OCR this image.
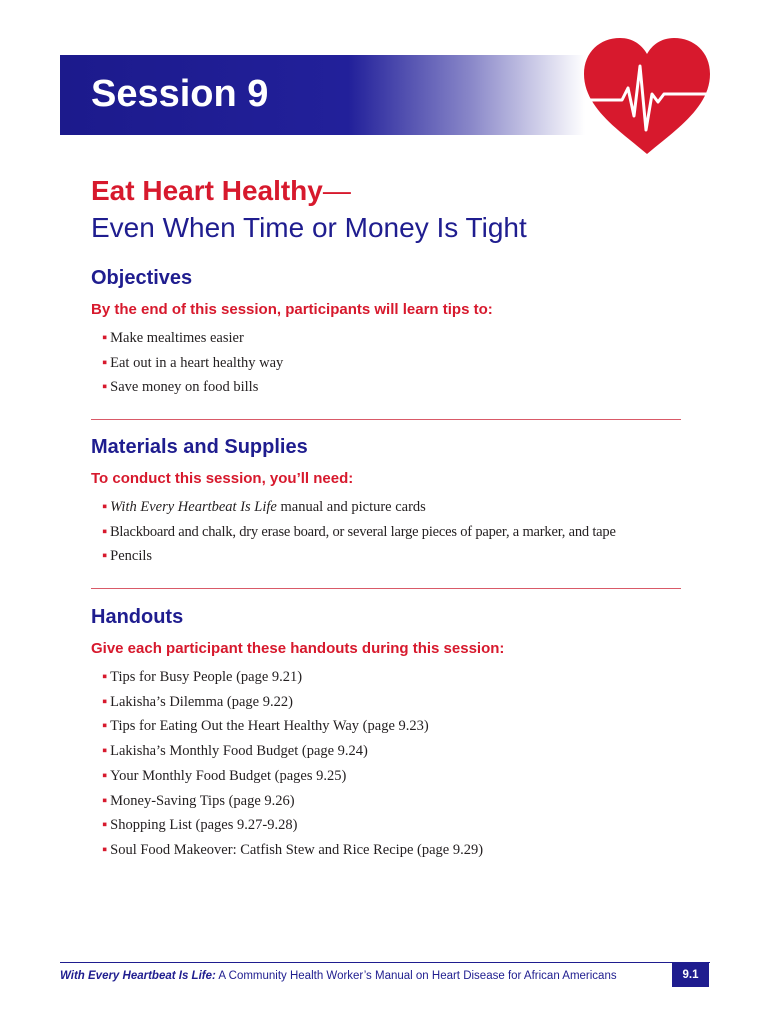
Session 9
Eat Heart Healthy—
Even When Time or Money Is Tight
Objectives

By the end of this session, participants will learn tips to:

▪ Make mealtimes easier
▪ Eat out in a heart healthy way
▪ Save money on food bills
Materials and Supplies

To conduct this session, you’ll need:

▪ With Every Heartbeat Is Life manual and picture cards
▪ Blackboard and chalk, dry erase board, or several large pieces of paper, a marker, and tape
▪ Pencils
Handouts

Give each participant these handouts during this session:

▪ Tips for Busy People (page 9.21)
▪ Lakisha’s Dilemma (page 9.22)
▪ Tips for Eating Out the Heart Healthy Way (page 9.23)
▪ Lakisha’s Monthly Food Budget (page 9.24)
▪ Your Monthly Food Budget (pages 9.25)
▪ Money-Saving Tips (page 9.26)
▪ Shopping List (pages 9.27-9.28)
▪ Soul Food Makeover: Catfish Stew and Rice Recipe (page 9.29)
With Every Heartbeat Is Life: A Community Health Worker’s Manual on Heart Disease for African Americans	9.1
